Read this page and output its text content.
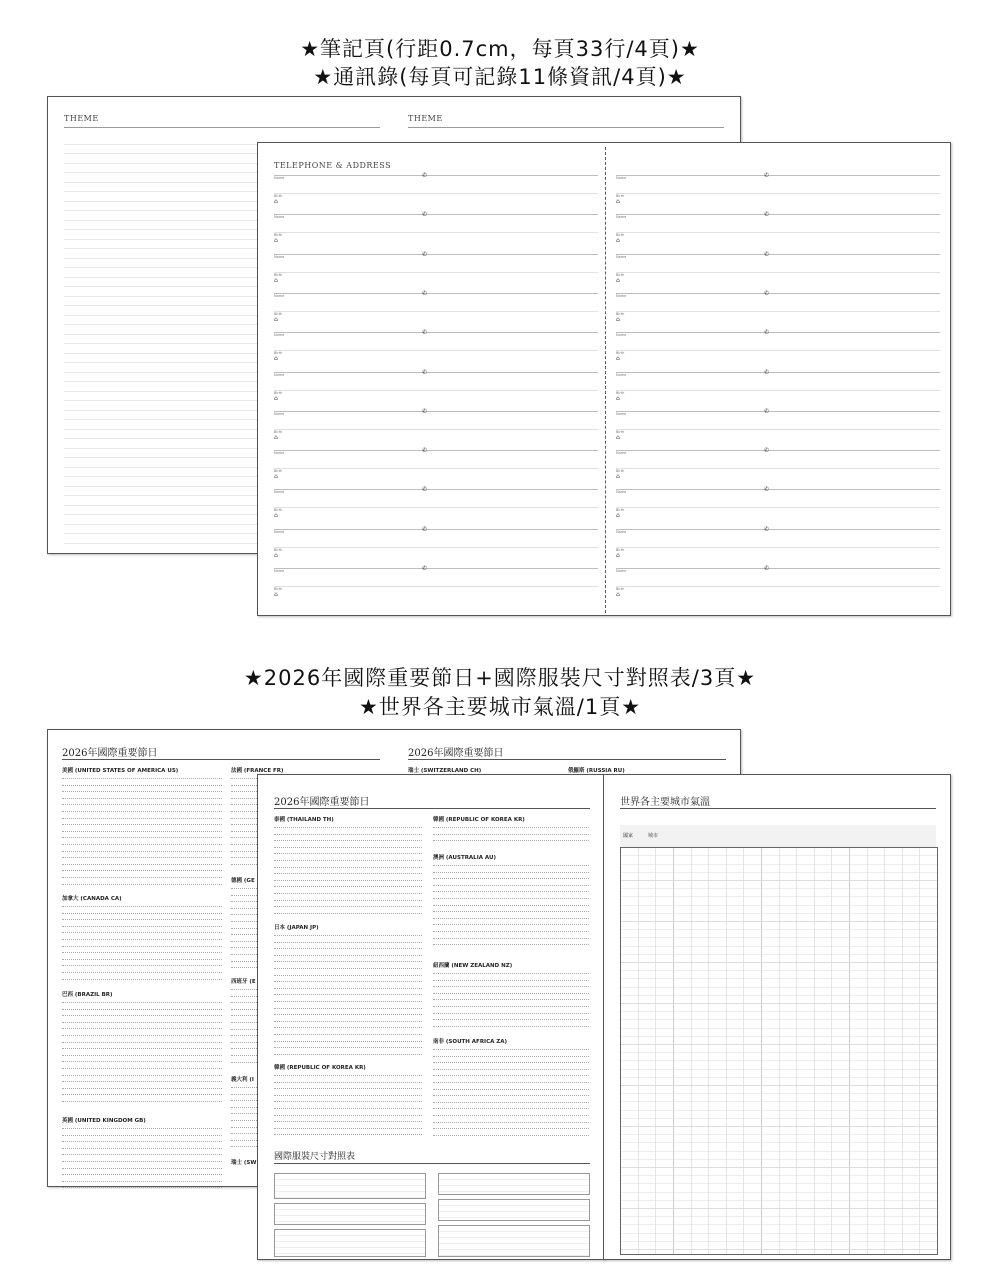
★筆記頁(行距0.7cm，每頁33行/4頁)★
★通訊錄(每頁可記錄11條資訊/4頁)★
★2026年國際重要節日+國際服裝尺寸對照表/3頁★
★世界各主要城市氣溫/1頁★
THEME	THEME
TELEPHONE & ADDRESS
Name	✆
Birth
⌂
Name	✆
Birth
⌂
Name	✆
Birth
⌂
Name	✆
Birth
⌂
Name	✆
Birth
⌂
Name	✆
Birth
⌂
Name	✆
Birth
⌂
Name	✆
Birth
⌂
Name	✆
Birth
⌂
Name	✆
Birth
⌂
Name	✆
Birth
⌂
Name	✆
Birth
⌂
Name	✆
Birth
⌂
Name	✆
Birth
⌂
Name	✆
Birth
⌂
Name	✆
Birth
⌂
Name	✆
Birth
⌂
Name	✆
Birth
⌂
Name	✆
Birth
⌂
Name	✆
Birth
⌂
Name	✆
Birth
⌂
Name	✆
Birth
⌂
2026年國際重要節日	2026年國際重要節日
美國 (UNITED STATES OF AMERICA US)
加拿大 (CANADA CA)
巴西 (BRAZIL BR)
英國 (UNITED KINGDOM GB)
法國 (FRANCE FR)
德國 (GE
西班牙 (E
義大利 (I
瑞士 (SW
瑞士 (SWITZERLAND CH)	俄羅斯 (RUSSIA RU)
2026年國際重要節日
泰國 (THAILAND TH)
日本 (JAPAN JP)
韓國 (REPUBLIC OF KOREA KR)
韓國 (REPUBLIC OF KOREA KR)
澳洲 (AUSTRALIA AU)
紐西蘭 (NEW ZEALAND NZ)
南非 (SOUTH AFRICA ZA)
國際服裝尺寸對照表
世界各主要城市氣溫
國家	城市
